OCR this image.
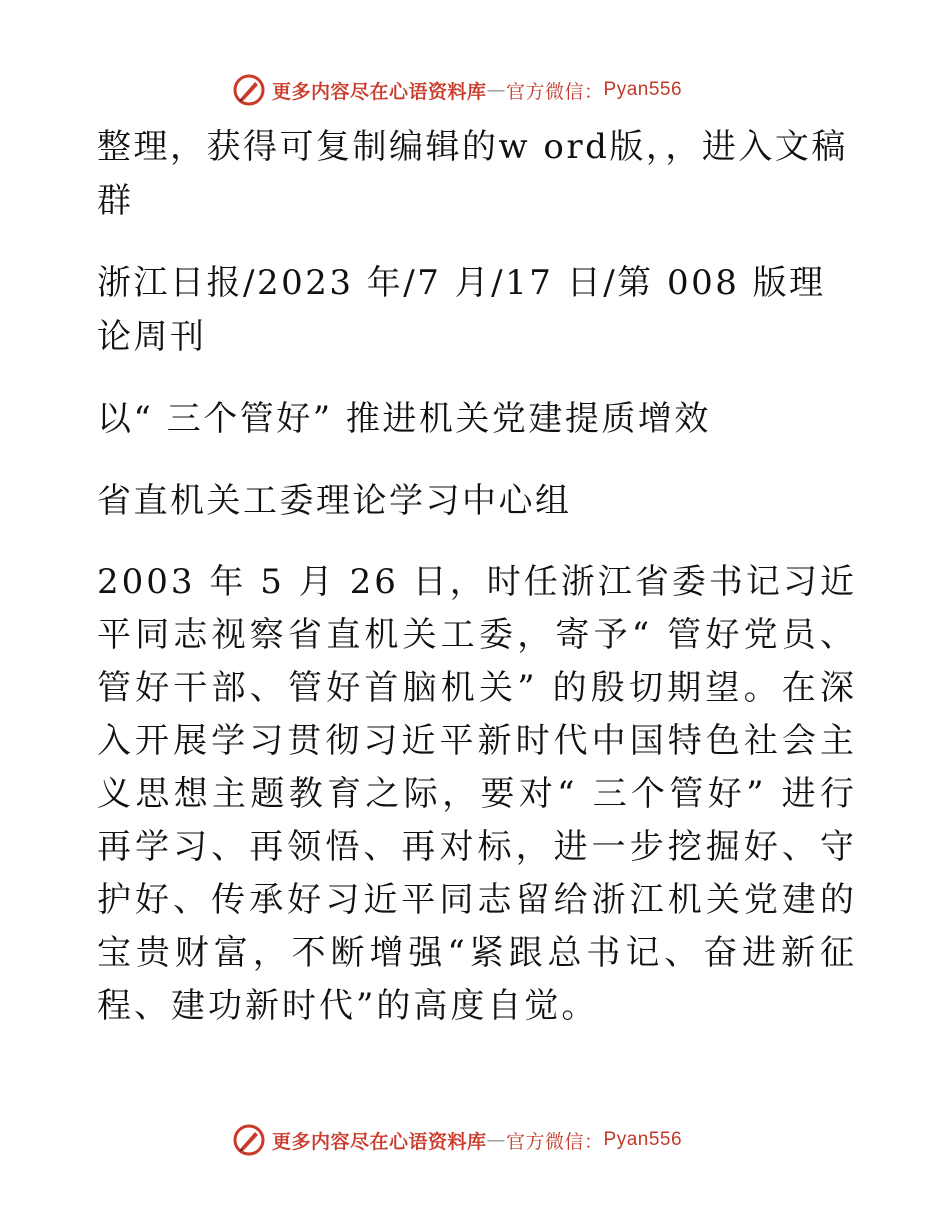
更多内容尽在心语资料库 — 官方微信： Pyan556

整理，获得可复制编辑的w ord版，，进入文稿群

浙江日报/2023 年/7 月/17 日/第 008 版理论周刊

以“ 三个管好” 推进机关党建提质增效

省直机关工委理论学习中心组

2003 年 5 月 26 日，时任浙江省委书记习近平同志视察省直机关工委，寄予“ 管好党员、管好干部、管好首脑机关” 的殷切期望。在深入开展学习贯彻习近平新时代中国特色社会主义思想主题教育之际，要对“ 三个管好” 进行再学习、再领悟、再对标，进一步挖掘好、守护好、传承好习近平同志留给浙江机关党建的宝贵财富，不断增强“紧跟总书记、奋进新征程、建功新时代”的高度自觉。

更多内容尽在心语资料库 — 官方微信： Pyan556
